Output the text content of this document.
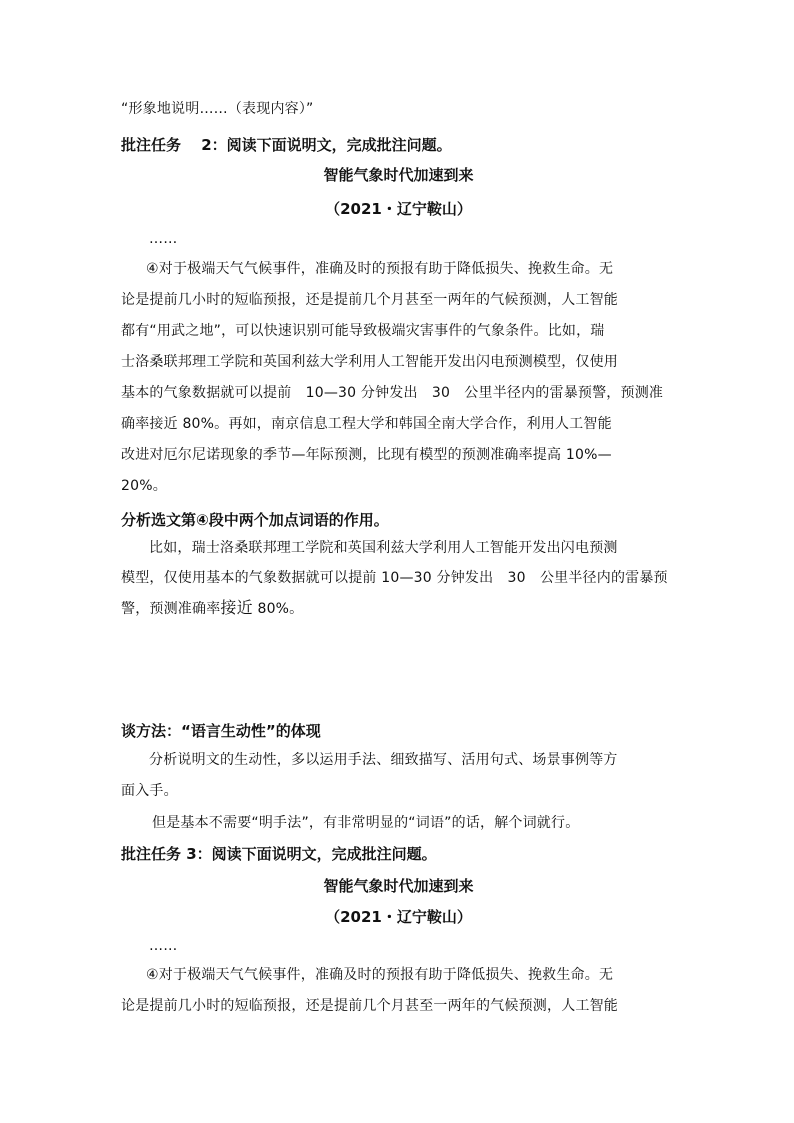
“形象地说明……（表现内容）”
批注任务　 2：阅读下面说明文，完成批注问题。
智能气象时代加速到来
（2021・辽宁鞍山）
……
④对于极端天气气候事件，准确及时的预报有助于降低损失、挽救生命。无
论是提前几小时的短临预报，还是提前几个月甚至一两年的气候预测，人工智能
都有“用武之地”，可以快速识别可能导致极端灾害事件的气象条件。比如，瑞
士洛桑联邦理工学院和英国利兹大学利用人工智能开发出闪电预测模型，仅使用
基本的气象数据就可以提前　10—30 分钟发出　30　公里半径内的雷暴预警，预测准
确率接近 80%。再如，南京信息工程大学和韩国全南大学合作，利用人工智能
改进对厄尔尼诺现象的季节—年际预测，比现有模型的预测准确率提高 10%—
20%。
分析选文第④段中两个加点词语的作用。
比如，瑞士洛桑联邦理工学院和英国利兹大学利用人工智能开发出闪电预测
模型，仅使用基本的气象数据就可以提前 10—30 分钟发出　30　公里半径内的雷暴预
警，预测准确率接近 80%。
谈方法：“语言生动性”的体现
分析说明文的生动性，多以运用手法、细致描写、活用句式、场景事例等方
面入手。
但是基本不需要“明手法”，有非常明显的“词语”的话，解个词就行。
批注任务 3：阅读下面说明文，完成批注问题。
智能气象时代加速到来
（2021・辽宁鞍山）
……
④对于极端天气气候事件，准确及时的预报有助于降低损失、挽救生命。无
论是提前几小时的短临预报，还是提前几个月甚至一两年的气候预测，人工智能
